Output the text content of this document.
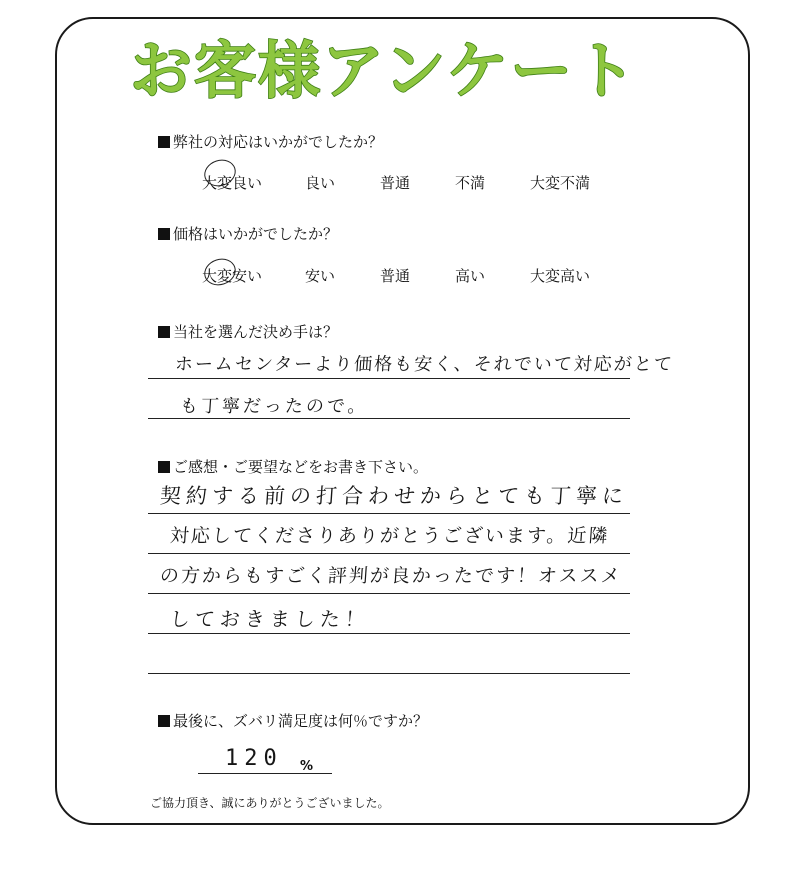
お客様アンケート
弊社の対応はいかがでしたか？
大変良い	良い	普通	不満	大変不満
価格はいかがでしたか？
大変安い	安い	普通	高い	大変高い
当社を選んだ決め手は？
ホームセンターより価格も安く、それでいて対応がとて
も丁寧だったので。
ご感想・ご要望などをお書き下さい。
契約する前の打合わせからとても丁寧に
対応してくださりありがとうございます。近隣
の方からもすごく評判が良かったです！オススメ
しておきました！
最後に、ズバリ満足度は何％ですか？
120 %
ご協力頂き、誠にありがとうございました。
